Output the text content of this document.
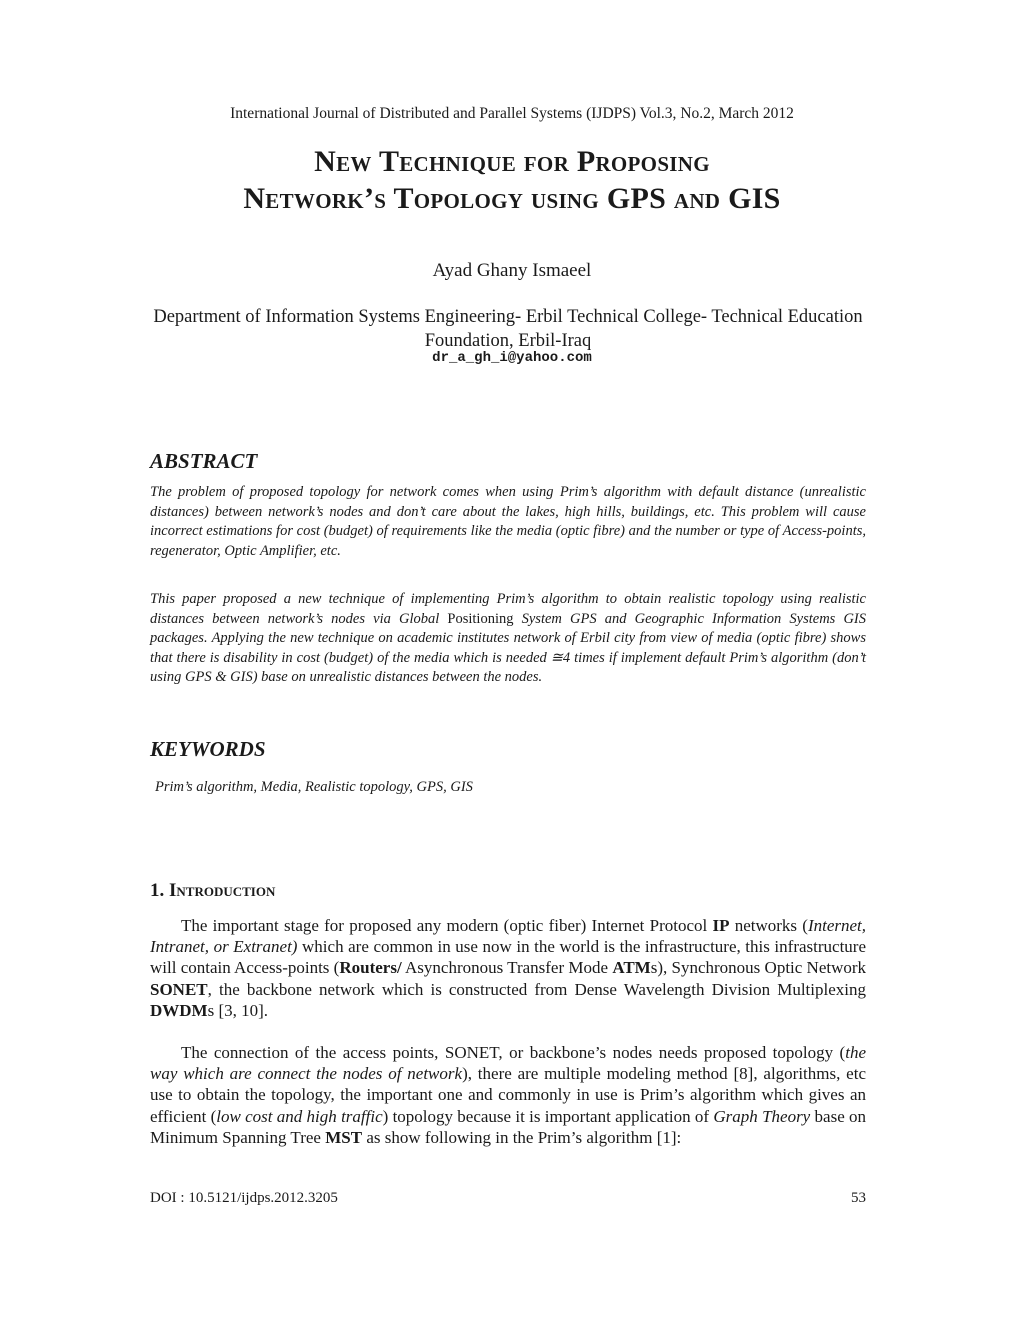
International Journal of Distributed and Parallel Systems (IJDPS) Vol.3, No.2, March 2012
New Technique for Proposing
Network’s Topology using GPS and GIS
Ayad Ghany Ismaeel
Department of Information Systems Engineering- Erbil Technical College- Technical Education Foundation, Erbil-Iraq
dr_a_gh_i@yahoo.com
ABSTRACT
The problem of proposed topology for network comes when using Prim’s algorithm with default distance (unrealistic distances) between network’s nodes and don’t care about the lakes, high hills, buildings, etc. This problem will cause incorrect estimations for cost (budget) of requirements like the media (optic fibre) and the number or type of Access-points, regenerator, Optic Amplifier, etc.
This paper proposed a new technique of implementing Prim’s algorithm to obtain realistic topology using realistic distances between network’s nodes via Global Positioning System GPS and Geographic Information Systems GIS packages. Applying the new technique on academic institutes network of Erbil city from view of media (optic fibre) shows that there is disability in cost (budget) of the media which is needed ≅4 times if implement default Prim’s algorithm (don’t using GPS & GIS) base on unrealistic distances between the nodes.
KEYWORDS
Prim’s algorithm, Media, Realistic topology, GPS, GIS
1. Introduction
The important stage for proposed any modern (optic fiber) Internet Protocol IP networks (Internet, Intranet, or Extranet) which are common in use now in the world is the infrastructure, this infrastructure will contain Access-points (Routers/ Asynchronous Transfer Mode ATMs), Synchronous Optic Network SONET, the backbone network which is constructed from Dense Wavelength Division Multiplexing DWDMs [3, 10].
The connection of the access points, SONET, or backbone’s nodes needs proposed topology (the way which are connect the nodes of network), there are multiple modeling method [8], algorithms, etc use to obtain the topology, the important one and commonly in use is Prim’s algorithm which gives an efficient (low cost and high traffic) topology because it is important application of Graph Theory base on Minimum Spanning Tree MST as show following in the Prim’s algorithm [1]:
DOI : 10.5121/ijdps.2012.3205	53
